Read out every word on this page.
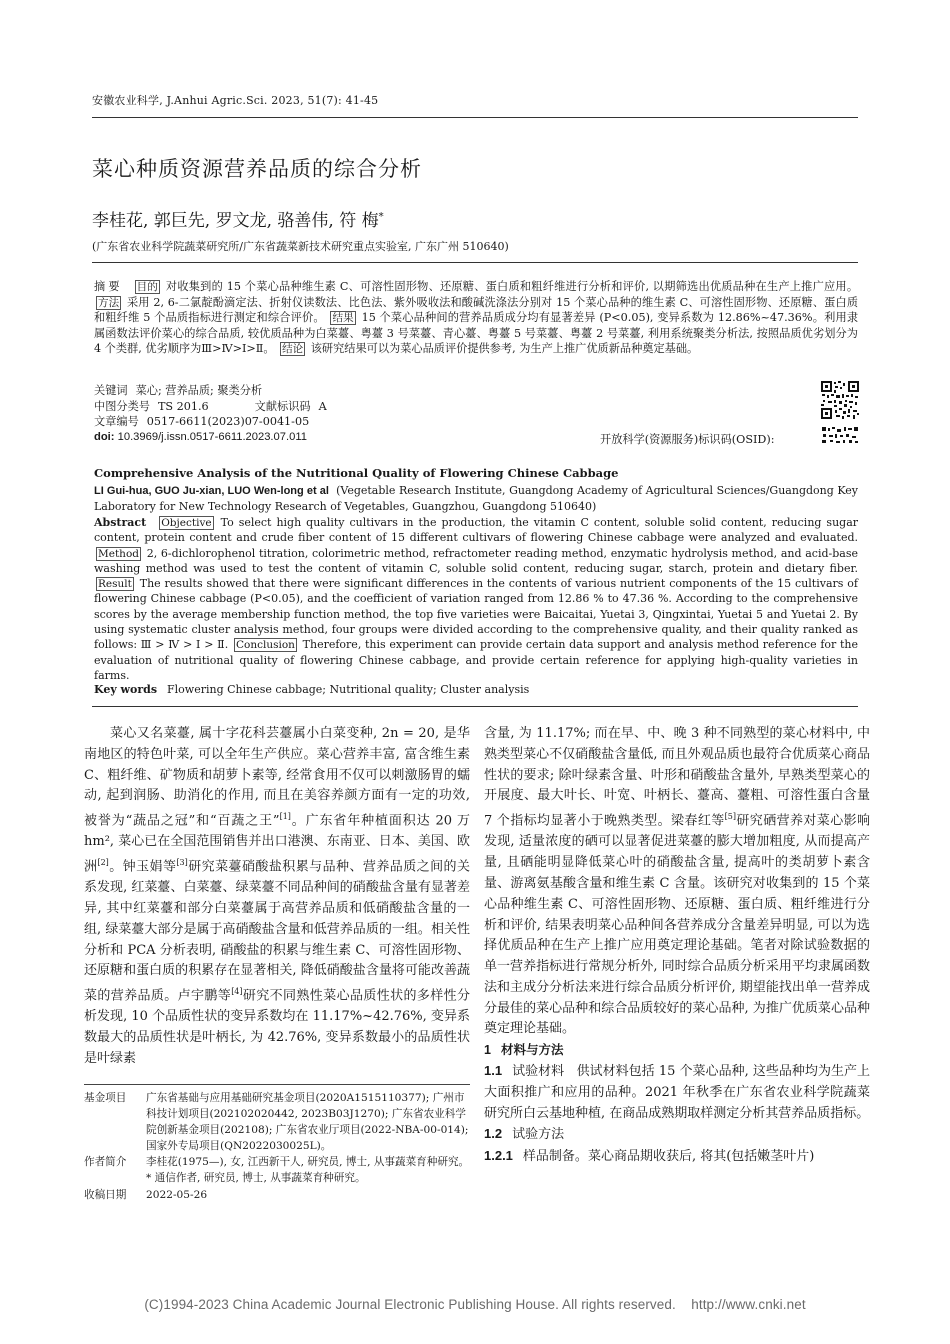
安徽农业科学, J.Anhui Agric.Sci. 2023, 51(7): 41-45
菜心种质资源营养品质的综合分析
李桂花, 郭巨先, 罗文龙, 骆善伟, 符 梅*
(广东省农业科学院蔬菜研究所/广东省蔬菜新技术研究重点实验室, 广东广州 510640)
摘要 目的 对收集到的 15 个菜心品种维生素 C、可溶性固形物、还原糖、蛋白质和粗纤维进行分析和评价, 以期筛选出优质品种在生产上推广应用。 方法 采用 2, 6-二氯靛酚滴定法、折射仪读数法、比色法、紫外吸收法和酸碱洗涤法分别对 15 个菜心品种的维生素 C、可溶性固形物、还原糖、蛋白质和粗纤维 5 个品质指标进行测定和综合评价。 结果 15 个菜心品种间的营养品质成分均有显著差异 (P<0.05), 变异系数为 12.86%~47.36%。利用隶属函数法评价菜心的综合品质, 较优质品种为白菜薹、粤薹 3 号菜薹、青心薹、粤薹 5 号菜薹、粤薹 2 号菜薹, 利用系统聚类分析法, 按照品质优劣划分为 4 个类群, 优劣顺序为Ⅲ>Ⅳ>Ⅰ>Ⅱ。 结论 该研究结果可以为菜心品质评价提供参考, 为生产上推广优质新品种奠定基础。
关键词 菜心; 营养品质; 聚类分析
中图分类号 TS 201.6	文献标识码 A
文章编号 0517-6611(2023)07-0041-05
doi: 10.3969/j.issn.0517-6611.2023.07.011	开放科学(资源服务)标识码(OSID):
Comprehensive Analysis of the Nutritional Quality of Flowering Chinese Cabbage
LI Gui-hua, GUO Ju-xian, LUO Wen-long et al (Vegetable Research Institute, Guangdong Academy of Agricultural Sciences/Guangdong Key Laboratory for New Technology Research of Vegetables, Guangzhou, Guangdong 510640)
Abstract Objective To select high quality cultivars in the production, the vitamin C content, soluble solid content, reducing sugar content, protein content and crude fiber content of 15 different cultivars of flowering Chinese cabbage were analyzed and evaluated. Method 2, 6-dichlorophenol titration, colorimetric method, refractometer reading method, enzymatic hydrolysis method, and acid-base washing method was used to test the content of vitamin C, soluble solid content, reducing sugar, starch, protein and dietary fiber. Result The results showed that there were significant differences in the contents of various nutrient components of the 15 cultivars of flowering Chinese cabbage (P<0.05), and the coefficient of variation ranged from 12.86 % to 47.36 %. According to the comprehensive scores by the average membership function method, the top five varieties were Baicaitai, Yuetai 3, Qingxintai, Yuetai 5 and Yuetai 2. By using systematic cluster analysis method, four groups were divided according to the comprehensive quality, and their quality ranked as follows: Ⅲ > Ⅳ > Ⅰ > Ⅱ. Conclusion Therefore, this experiment can provide certain data support and analysis method reference for the evaluation of nutritional quality of flowering Chinese cabbage, and provide certain reference for applying high-quality varieties in farms.
Key words Flowering Chinese cabbage; Nutritional quality; Cluster analysis

菜心又名菜薹, 属十字花科芸薹属小白菜变种, 2n = 20, 是华南地区的特色叶菜, 可以全年生产供应。菜心营养丰富, 富含维生素 C、粗纤维、矿物质和胡萝卜素等, 经常食用不仅可以刺激肠胃的蠕动, 起到润肠、助消化的作用, 而且在美容养颜方面有一定的功效, 被誉为“蔬品之冠”和“百蔬之王”[1]。广东省年种植面积达 20 万 hm², 菜心已在全国范围销售并出口港澳、东南亚、日本、美国、欧洲[2]。钟玉娟等[3]研究菜薹硝酸盐积累与品种、营养品质之间的关系发现, 红菜薹、白菜薹、绿菜薹不同品种间的硝酸盐含量有显著差异, 其中红菜薹和部分白菜薹属于高营养品质和低硝酸盐含量的一组, 绿菜薹大部分是属于高硝酸盐含量和低营养品质的一组。相关性分析和 PCA 分析表明, 硝酸盐的积累与维生素 C、可溶性固形物、还原糖和蛋白质的积累存在显著相关, 降低硝酸盐含量将可能改善蔬菜的营养品质。卢宇鹏等[4]研究不同熟性菜心品质性状的多样性分析发现, 10 个品质性状的变异系数均在 11.17%~42.76%, 变异系数最大的品质性状是叶柄长, 为 42.76%, 变异系数最小的品质性状是叶绿素

含量, 为 11.17%; 而在早、中、晚 3 种不同熟型的菜心材料中, 中熟类型菜心不仅硝酸盐含量低, 而且外观品质也最符合优质菜心商品性状的要求; 除叶绿素含量、叶形和硝酸盐含量外, 早熟类型菜心的开展度、最大叶长、叶宽、叶柄长、薹高、薹粗、可溶性蛋白含量 7 个指标均显著小于晚熟类型。梁春红等[5]研究硒营养对菜心影响发现, 适量浓度的硒可以显著促进菜薹的膨大增加粗度, 从而提高产量, 且硒能明显降低菜心叶的硝酸盐含量, 提高叶的类胡萝卜素含量、游离氨基酸含量和维生素 C 含量。该研究对收集到的 15 个菜心品种维生素 C、可溶性固形物、还原糖、蛋白质、粗纤维进行分析和评价, 结果表明菜心品种间各营养成分含量差异明显, 可以为选择优质品种在生产上推广应用奠定理论基础。笔者对除试验数据的单一营养指标进行常规分析外, 同时综合品质分析采用平均隶属函数法和主成分分析法来进行综合品质分析评价, 期望能找出单一营养成分最佳的菜心品种和综合品质较好的菜心品种, 为推广优质菜心品种奠定理论基础。

1 材料与方法

1.1 试验材料 供试材料包括 15 个菜心品种, 这些品种均为生产上大面积推广和应用的品种。2021 年秋季在广东省农业科学院蔬菜研究所白云基地种植, 在商品成熟期取样测定分析其营养品质指标。

1.2 试验方法

1.2.1 样品制备。菜心商品期收获后, 将其(包括嫩茎叶片)

基金项目	广东省基础与应用基础研究基金项目(2020A1515110377); 广州市科技计划项目(202102020442, 2023B03J1270); 广东省农业科学院创新基金项目(202108); 广东省农业厅项目(2022-NBA-00-014); 国家外专局项目(QN2022030025L)。
作者简介	李桂花(1975—), 女, 江西新干人, 研究员, 博士, 从事蔬菜育种研究。* 通信作者, 研究员, 博士, 从事蔬菜育种研究。
收稿日期	2022-05-26
(C)1994-2023 China Academic Journal Electronic Publishing House. All rights reserved.    http://www.cnki.net
